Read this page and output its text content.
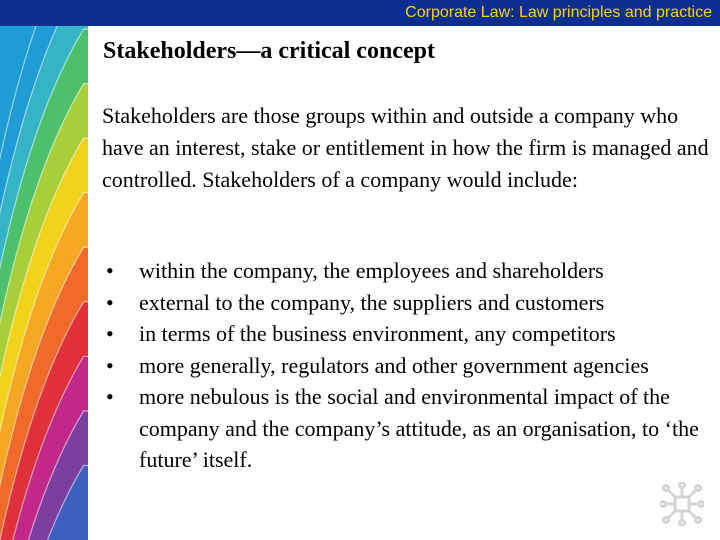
Corporate Law: Law principles and practice
Stakeholders—a critical concept

Stakeholders are those groups within and outside a company who have an interest, stake or entitlement in how the firm is managed and controlled. Stakeholders of a company would include:

• within the company, the employees and shareholders
• external to the company, the suppliers and customers
• in terms of the business environment, any competitors
• more generally, regulators and other government agencies
• more nebulous is the social and environmental impact of the company and the company’s attitude, as an organisation, to ‘the future’ itself.
